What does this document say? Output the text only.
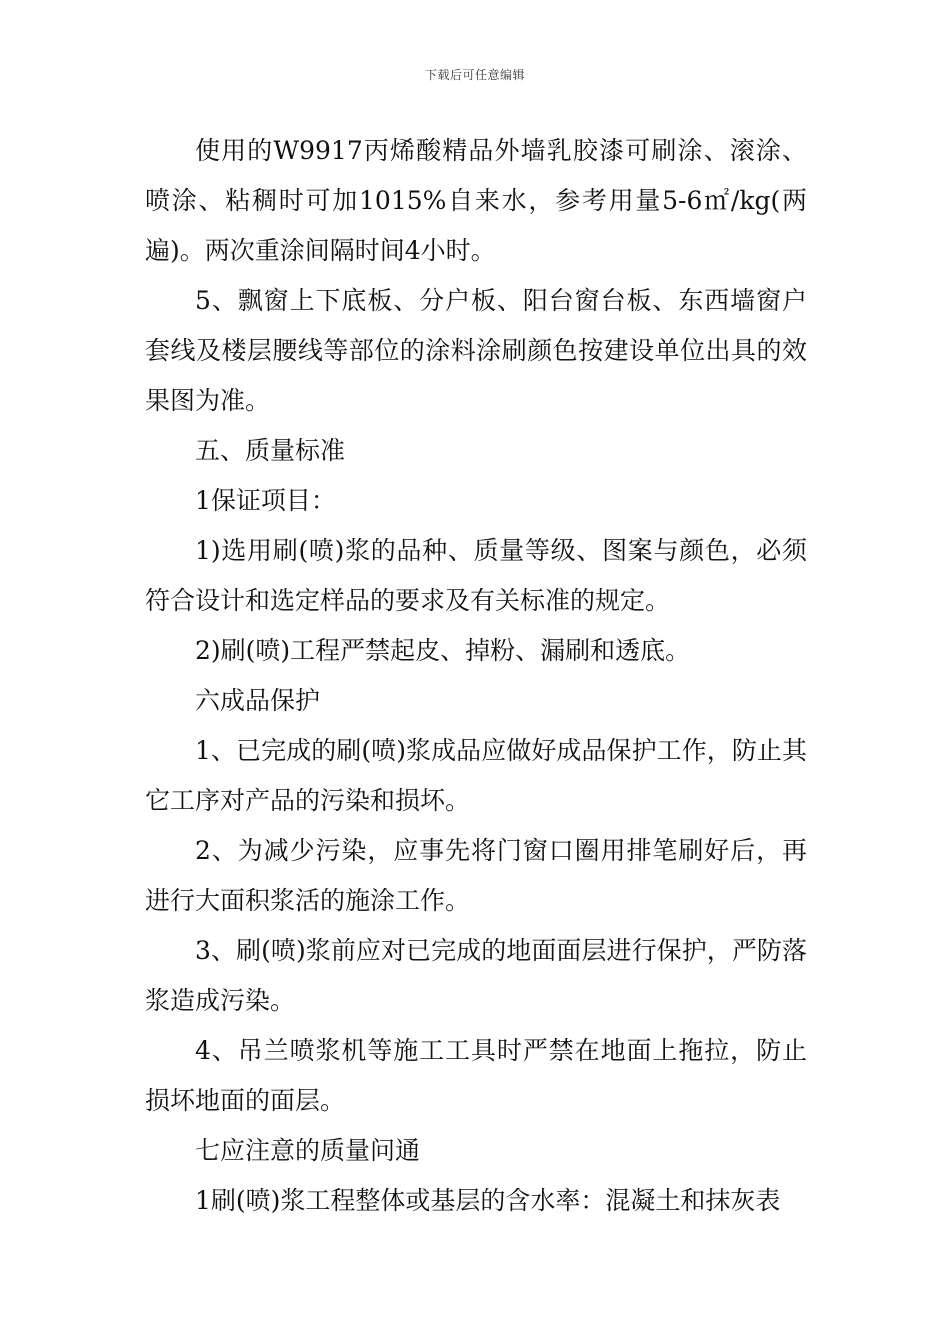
下载后可任意编辑

使用的W9917丙烯酸精品外墙乳胶漆可刷涂、滚涂、喷涂、粘稠时可加1015%自来水，参考用量5-6㎡/kg(两遍)。两次重涂间隔时间4小时。

5、飘窗上下底板、分户板、阳台窗台板、东西墙窗户套线及楼层腰线等部位的涂料涂刷颜色按建设单位出具的效果图为准。

五、质量标准

1保证项目：

1)选用刷(喷)浆的品种、质量等级、图案与颜色，必须符合设计和选定样品的要求及有关标准的规定。

2)刷(喷)工程严禁起皮、掉粉、漏刷和透底。

六成品保护

1、已完成的刷(喷)浆成品应做好成品保护工作，防止其它工序对产品的污染和损坏。

2、为减少污染，应事先将门窗口圈用排笔刷好后，再进行大面积浆活的施涂工作。

3、刷(喷)浆前应对已完成的地面面层进行保护，严防落浆造成污染。

4、吊兰喷浆机等施工工具时严禁在地面上拖拉，防止损坏地面的面层。

七应注意的质量问通

1刷(喷)浆工程整体或基层的含水率：混凝土和抹灰表
